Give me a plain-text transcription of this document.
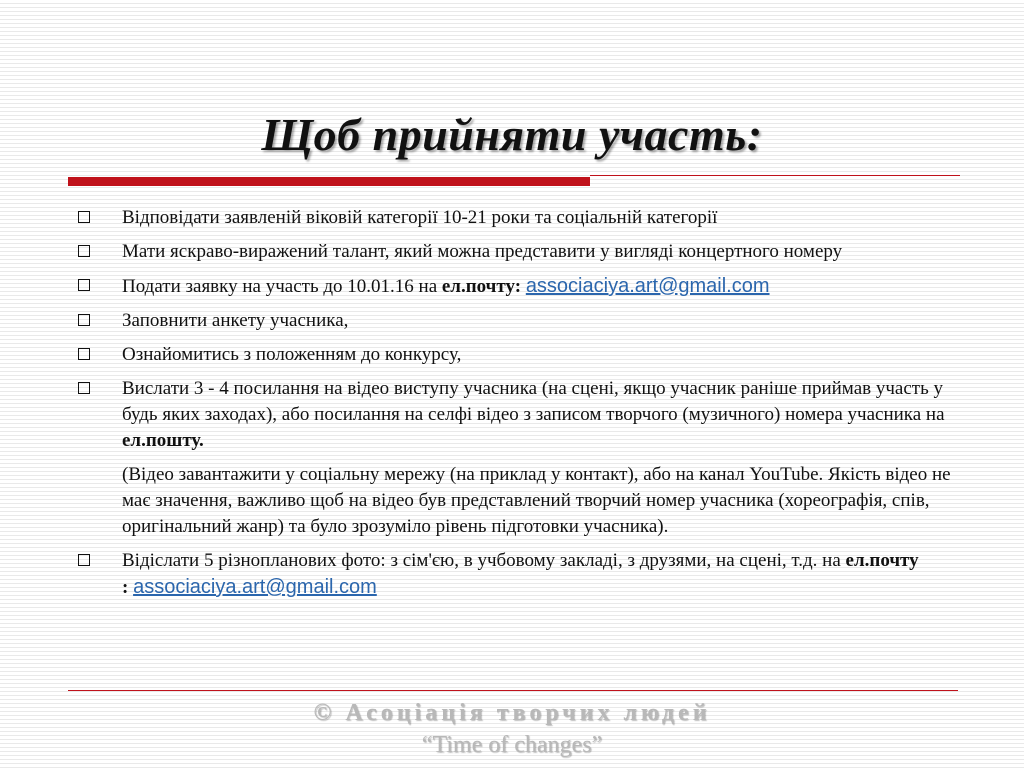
Щоб прийняти участь:
Відповідати заявленій віковій категорії 10-21 роки та соціальній категорії
Мати яскраво-виражений талант, який можна представити у вигляді концертного номеру
Подати заявку на участь до 10.01.16 на ел.почту: associaciya.art@gmail.com
Заповнити анкету учасника,
Ознайомитись з положенням до конкурсу,
Вислати 3 - 4 посилання на відео виступу учасника (на сцені, якщо учасник раніше приймав участь у будь яких заходах), або посилання на селфі відео з записом творчого (музичного) номера учасника на ел.пошту.
(Відео завантажити у соціальну мережу (на приклад у контакт), або на канал YouTube. Якість відео не має значення, важливо щоб на відео був представлений творчий номер учасника (хореографія, спів, оригінальний жанр) та було зрозуміло рівень підготовки учасника).
Відіслати 5 різнопланових фото: з сім'єю, в учбовому закладі, з друзями, на сцені, т.д. на ел.почту : associaciya.art@gmail.com
© Асоціація творчих людей
“Time of changes”
